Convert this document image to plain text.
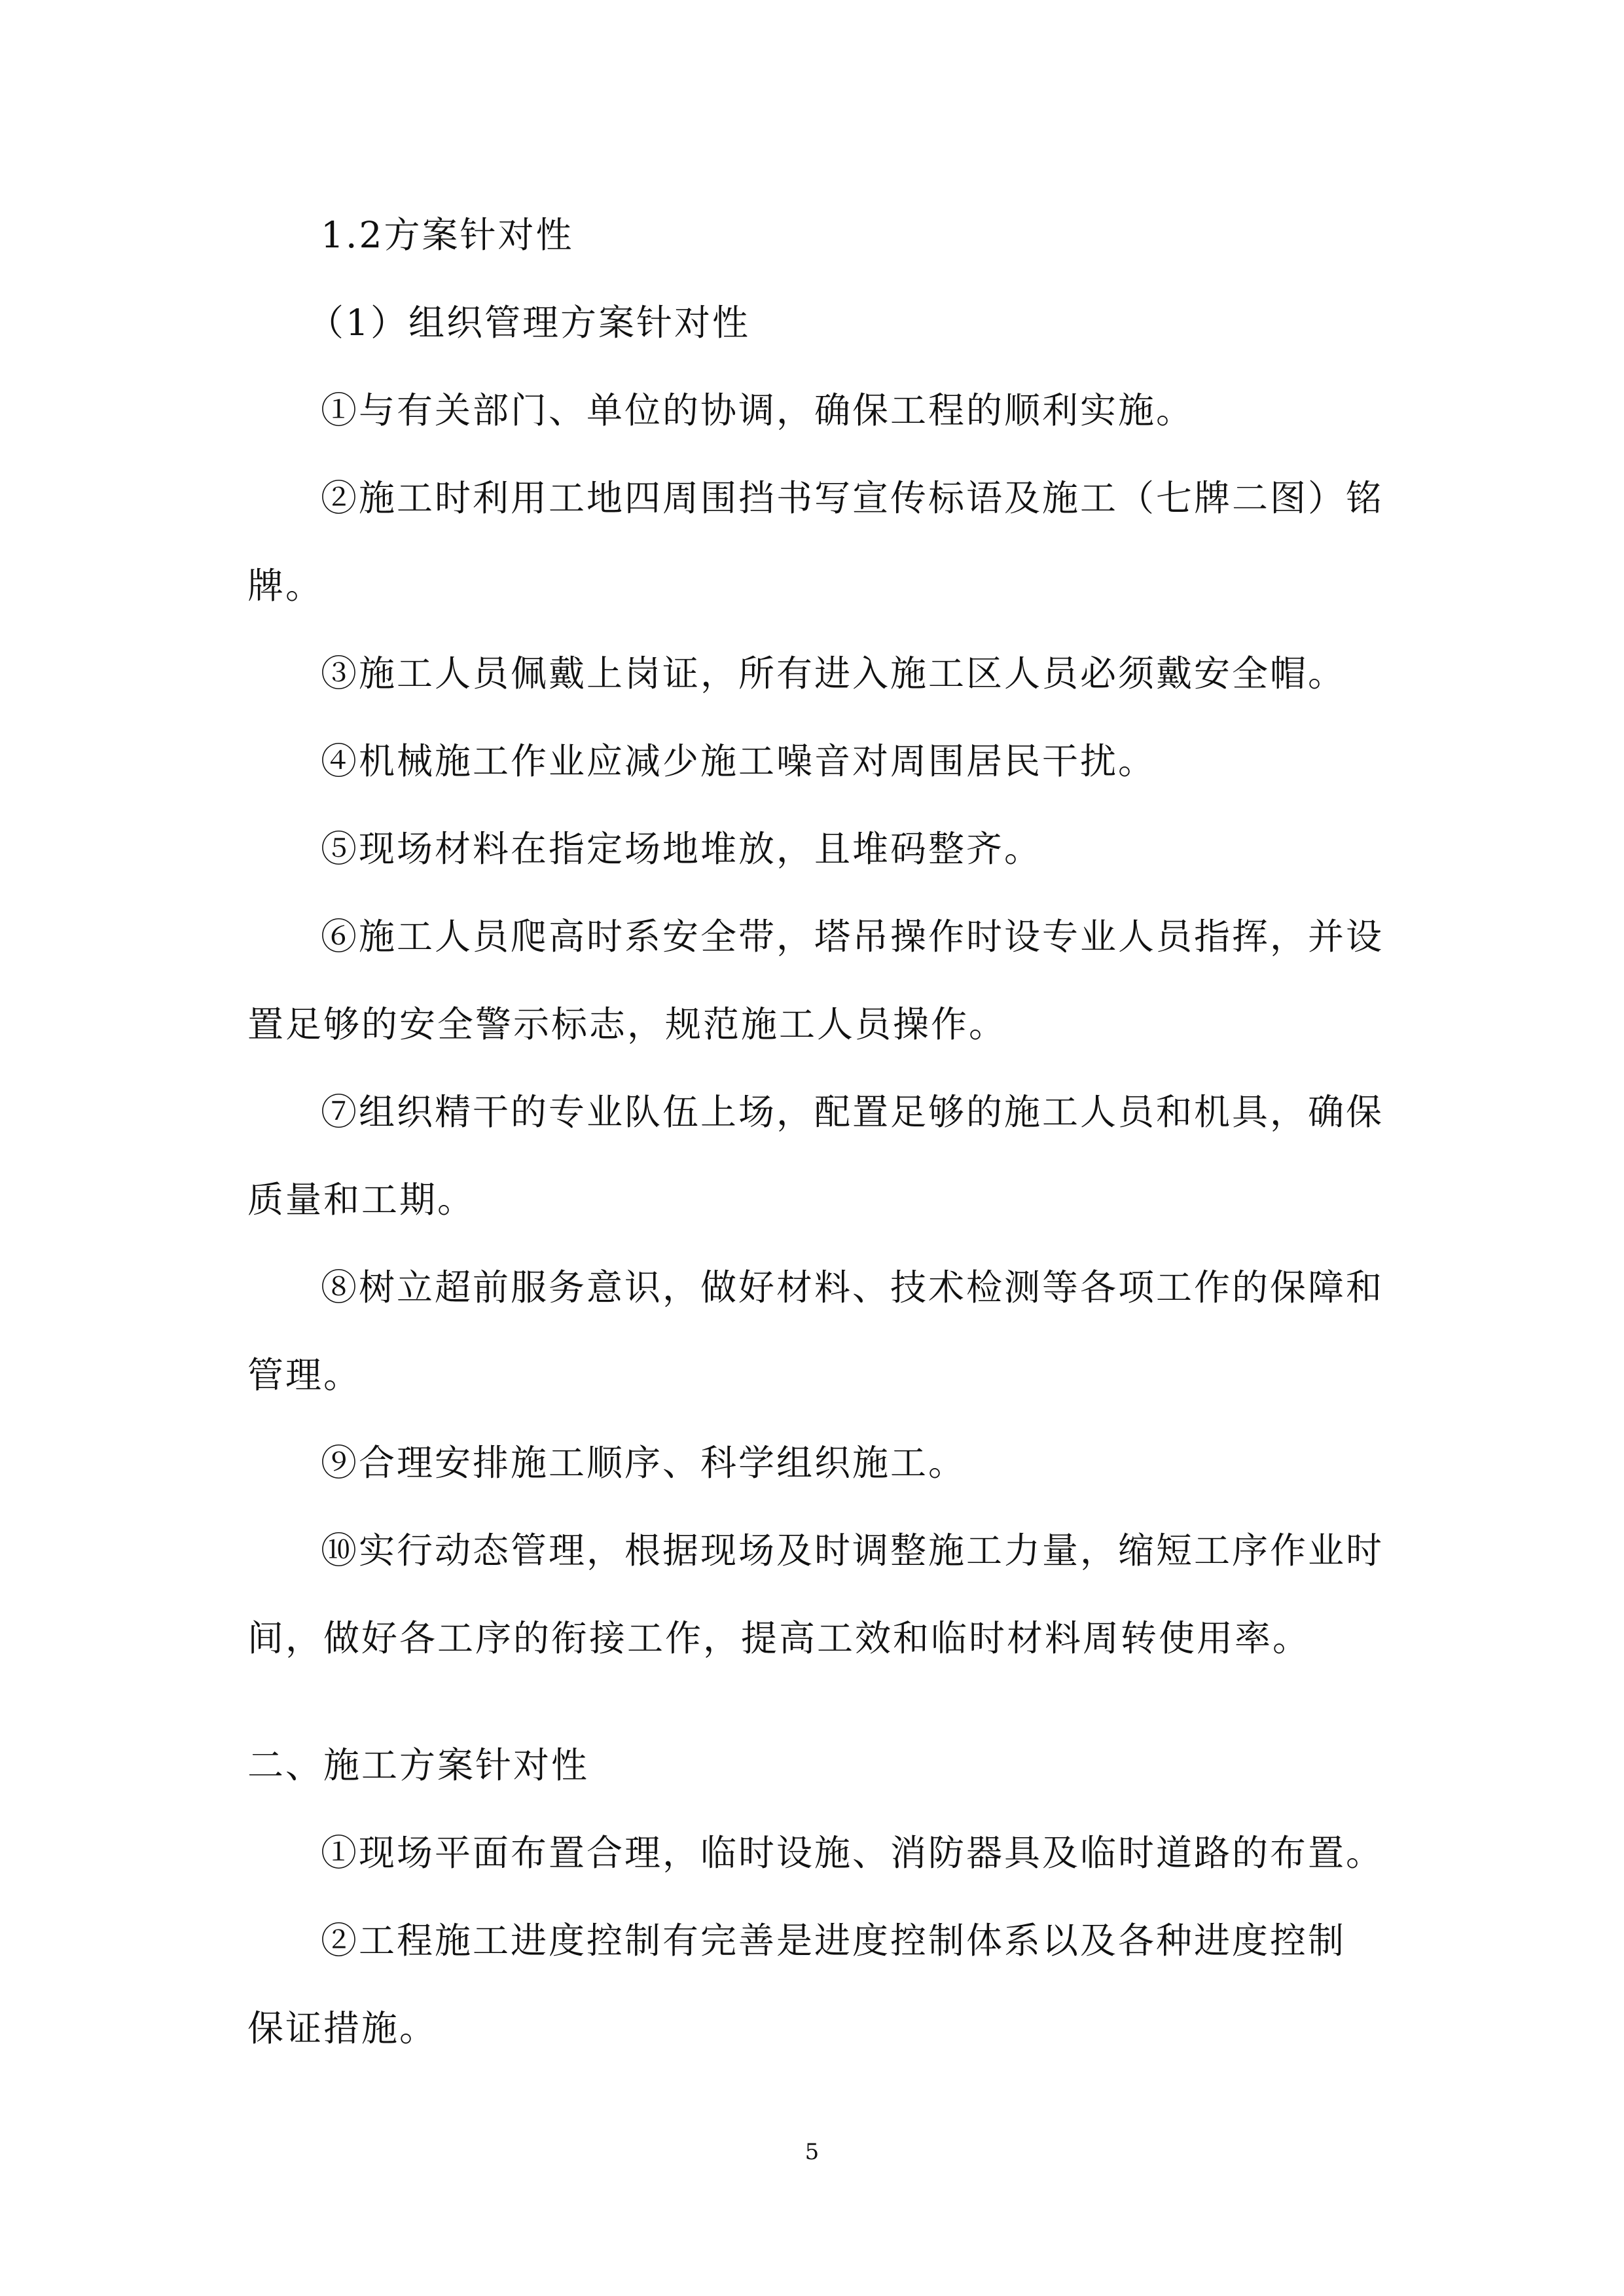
1.2方案针对性
（1）组织管理方案针对性
①与有关部门、单位的协调，确保工程的顺利实施。
②施工时利用工地四周围挡书写宣传标语及施工（七牌二图）铭
牌。
③施工人员佩戴上岗证，所有进入施工区人员必须戴安全帽。
④机械施工作业应减少施工噪音对周围居民干扰。
⑤现场材料在指定场地堆放，且堆码整齐。
⑥施工人员爬高时系安全带，塔吊操作时设专业人员指挥，并设
置足够的安全警示标志，规范施工人员操作。
⑦组织精干的专业队伍上场，配置足够的施工人员和机具，确保
质量和工期。
⑧树立超前服务意识，做好材料、技术检测等各项工作的保障和
管理。
⑨合理安排施工顺序、科学组织施工。
⑩实行动态管理，根据现场及时调整施工力量，缩短工序作业时
间，做好各工序的衔接工作，提高工效和临时材料周转使用率。
二、施工方案针对性
①现场平面布置合理，临时设施、消防器具及临时道路的布置。
②工程施工进度控制有完善是进度控制体系以及各种进度控制
保证措施。
5
